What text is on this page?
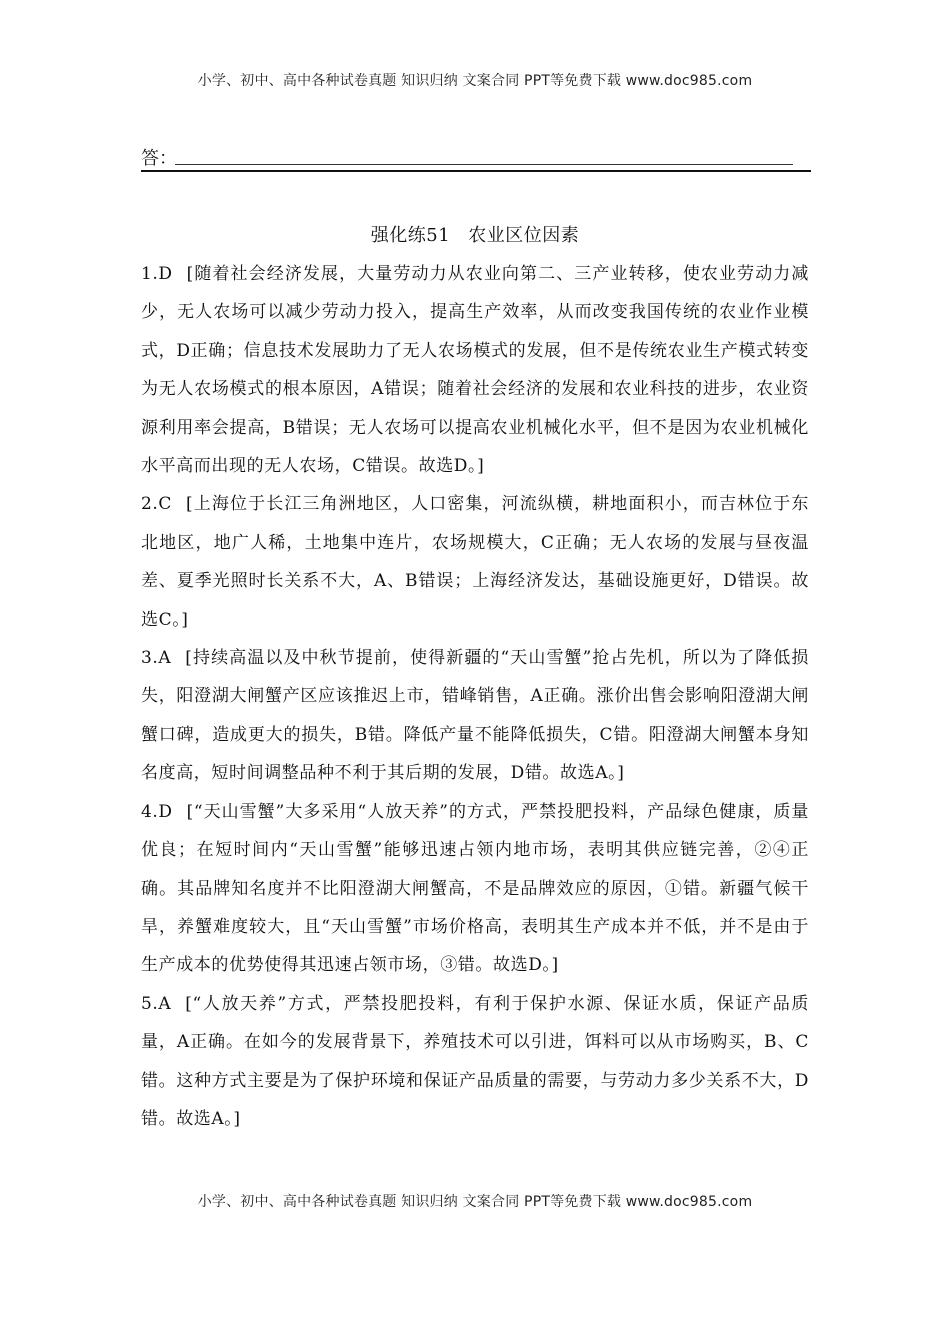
小学、初中、高中各种试卷真题 知识归纳 文案合同 PPT等免费下载 www.doc985.com
答：
强化练51 农业区位因素

1.D [随着社会经济发展，大量劳动力从农业向第二、三产业转移，使农业劳动力减少，无人农场可以减少劳动力投入，提高生产效率，从而改变我国传统的农业作业模式，D正确；信息技术发展助力了无人农场模式的发展，但不是传统农业生产模式转变为无人农场模式的根本原因，A错误；随着社会经济的发展和农业科技的进步，农业资源利用率会提高，B错误；无人农场可以提高农业机械化水平，但不是因为农业机械化水平高而出现的无人农场，C错误。故选D。]

2.C [上海位于长江三角洲地区，人口密集，河流纵横，耕地面积小，而吉林位于东北地区，地广人稀，土地集中连片，农场规模大，C正确；无人农场的发展与昼夜温差、夏季光照时长关系不大，A、B错误；上海经济发达，基础设施更好，D错误。故选C。]

3.A [持续高温以及中秋节提前，使得新疆的“天山雪蟹”抢占先机，所以为了降低损失，阳澄湖大闸蟹产区应该推迟上市，错峰销售，A正确。涨价出售会影响阳澄湖大闸蟹口碑，造成更大的损失，B错。降低产量不能降低损失，C错。阳澄湖大闸蟹本身知名度高，短时间调整品种不利于其后期的发展，D错。故选A。]

4.D [“天山雪蟹”大多采用“人放天养”的方式，严禁投肥投料，产品绿色健康，质量优良；在短时间内“天山雪蟹”能够迅速占领内地市场，表明其供应链完善，②④正确。其品牌知名度并不比阳澄湖大闸蟹高，不是品牌效应的原因，①错。新疆气候干旱，养蟹难度较大，且“天山雪蟹”市场价格高，表明其生产成本并不低，并不是由于生产成本的优势使得其迅速占领市场，③错。故选D。]

5.A [“人放天养”方式，严禁投肥投料，有利于保护水源、保证水质，保证产品质量，A正确。在如今的发展背景下，养殖技术可以引进，饵料可以从市场购买，B、C错。这种方式主要是为了保护环境和保证产品质量的需要，与劳动力多少关系不大，D错。故选A。]

小学、初中、高中各种试卷真题 知识归纳 文案合同 PPT等免费下载 www.doc985.com
